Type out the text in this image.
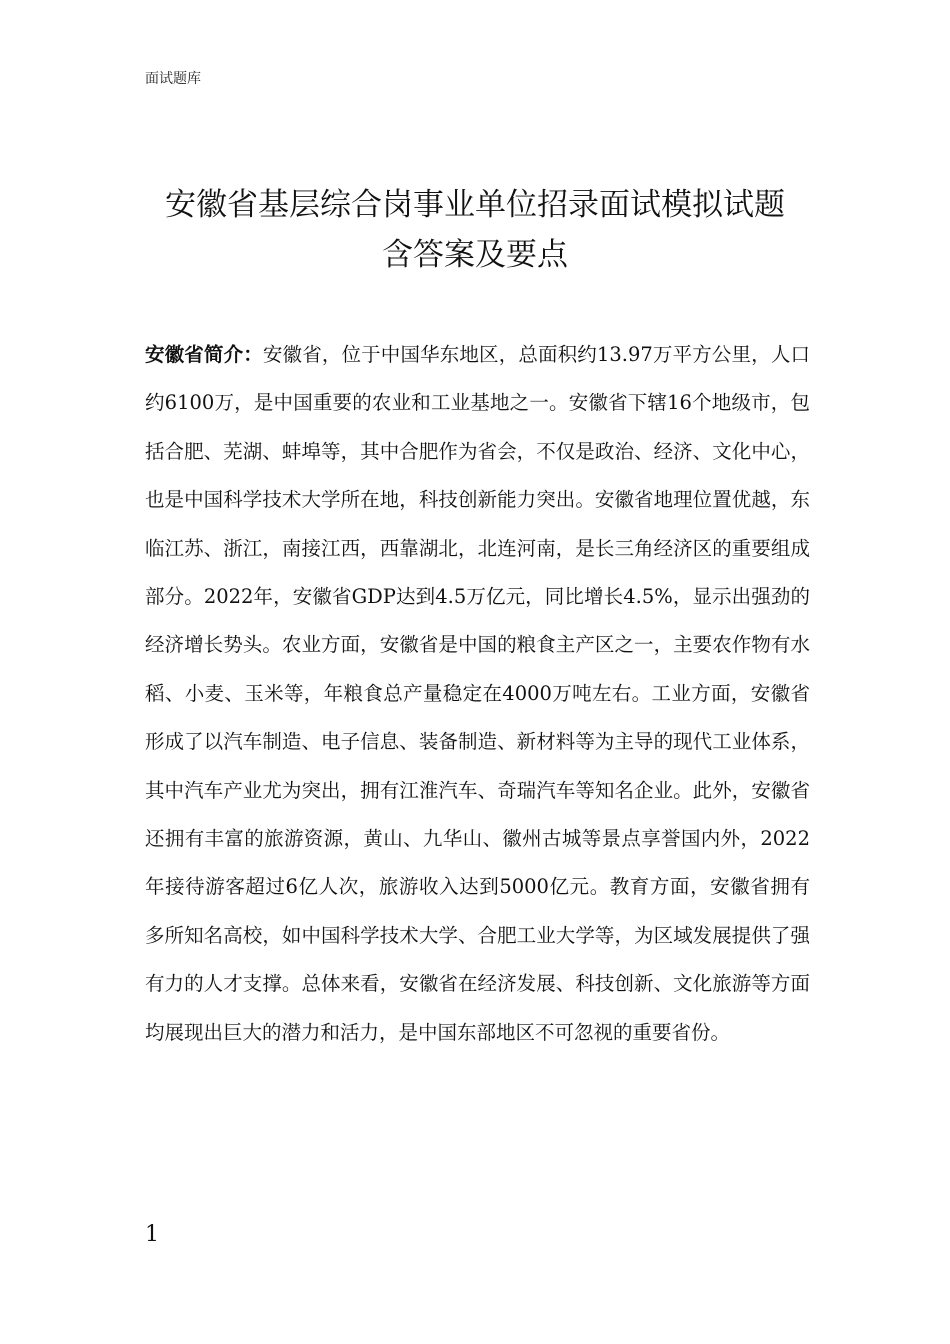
面试题库
安徽省基层综合岗事业单位招录面试模拟试题
含答案及要点
安徽省简介：安徽省，位于中国华东地区，总面积约13.97万平方公里，人口约6100万，是中国重要的农业和工业基地之一。安徽省下辖16个地级市，包括合肥、芜湖、蚌埠等，其中合肥作为省会，不仅是政治、经济、文化中心，也是中国科学技术大学所在地，科技创新能力突出。安徽省地理位置优越，东临江苏、浙江，南接江西，西靠湖北，北连河南，是长三角经济区的重要组成部分。2022年，安徽省GDP达到4.5万亿元，同比增长4.5%，显示出强劲的经济增长势头。农业方面，安徽省是中国的粮食主产区之一，主要农作物有水稻、小麦、玉米等，年粮食总产量稳定在4000万吨左右。工业方面，安徽省形成了以汽车制造、电子信息、装备制造、新材料等为主导的现代工业体系，其中汽车产业尤为突出，拥有江淮汽车、奇瑞汽车等知名企业。此外，安徽省还拥有丰富的旅游资源，黄山、九华山、徽州古城等景点享誉国内外，2022年接待游客超过6亿人次，旅游收入达到5000亿元。教育方面，安徽省拥有多所知名高校，如中国科学技术大学、合肥工业大学等，为区域发展提供了强有力的人才支撑。总体来看，安徽省在经济发展、科技创新、文化旅游等方面均展现出巨大的潜力和活力，是中国东部地区不可忽视的重要省份。
1
